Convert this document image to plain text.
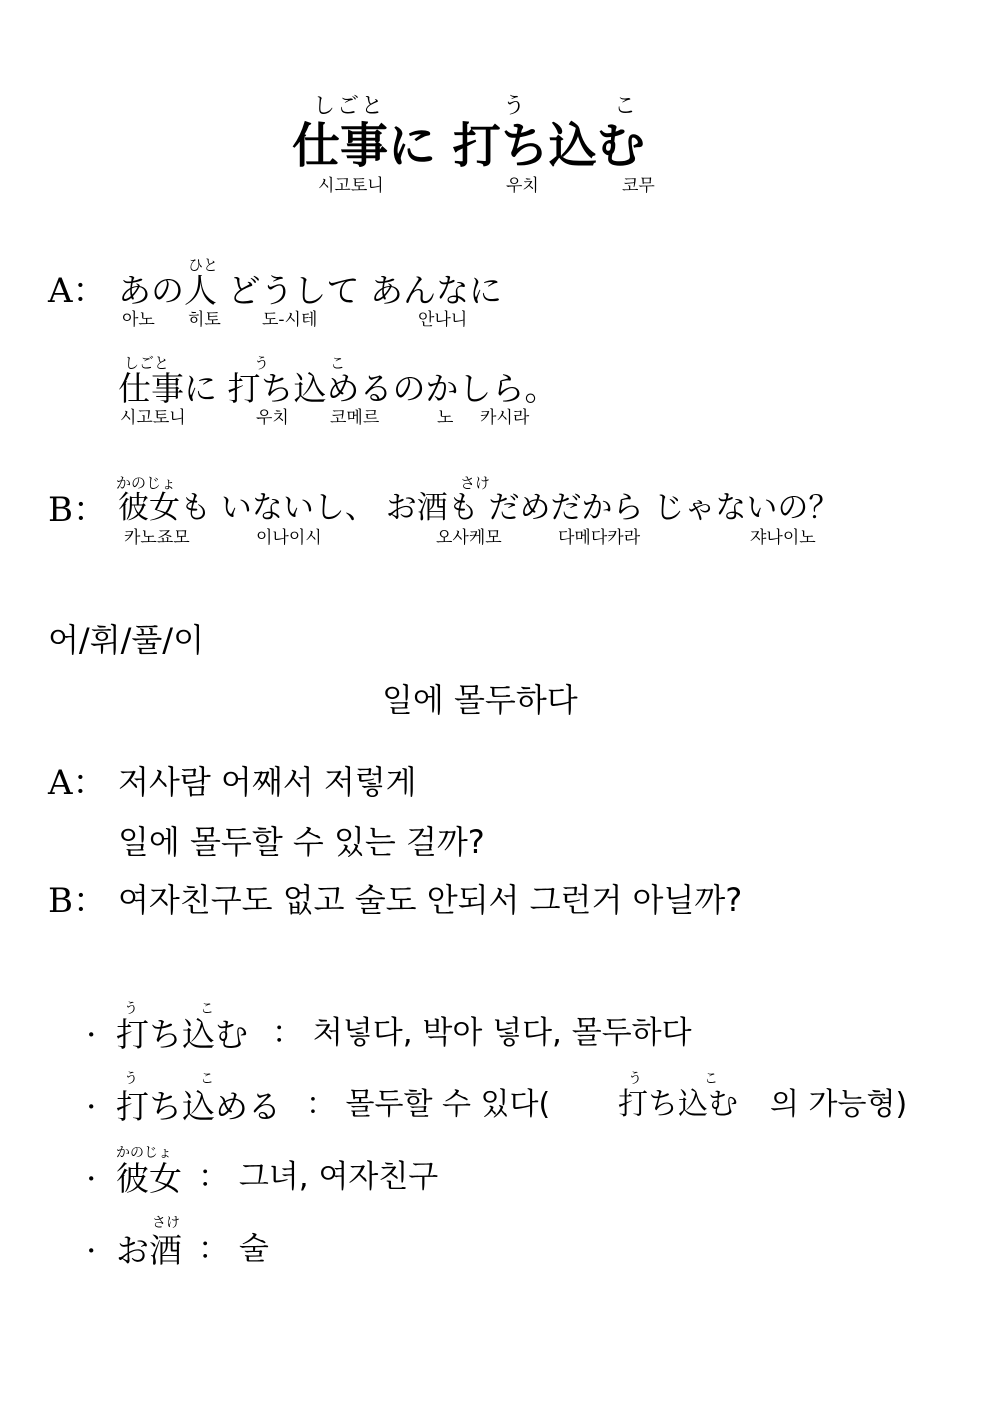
しごと	う	こ
仕事に 打ち込む
시고토니	우치	코무
ひと
A： あの人 どうして あんなに
아노 히토 도-시테	안나니
しごと	う	こ
仕事に 打ち込めるのかしら。
시고토니	우치 코메르	노 카시라
かのじょ	さけ
B： 彼女も いないし、 お酒も だめだから じゃないの？
카노죠모	이나이시	오사케모	다메다카라	쟈나이노
어/휘/풀/이
일에 몰두하다
A： 저사람 어째서 저렇게
일에 몰두할 수 있는 걸까?
B： 여자친구도 없고 술도 안되서 그런거 아닐까?
う	こ
· 打ち込む ： 처넣다, 박아 넣다, 몰두하다
う	こ
· 打ち込める ： 몰두할 수 있다(
う	こ
打ち込む 의 가능형)
かのじょ
· 彼女 ： 그녀, 여자친구
さけ
· お酒 ： 술
